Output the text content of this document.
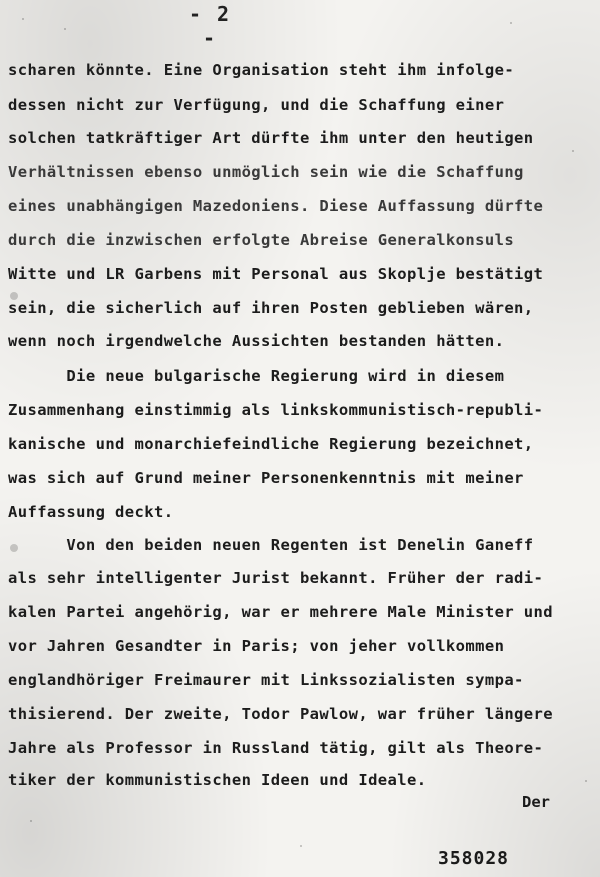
- 2 -
scharen könnte. Eine Organisation steht ihm infolge-
dessen nicht zur Verfügung, und die Schaffung einer
solchen tatkräftiger Art dürfte ihm unter den heutigen
Verhältnissen ebenso unmöglich sein wie die Schaffung
eines unabhängigen Mazedoniens. Diese Auffassung dürfte
durch die inzwischen erfolgte Abreise Generalkonsuls
Witte und LR Garbens mit Personal aus Skoplje bestätigt
sein, die sicherlich auf ihren Posten geblieben wären,
wenn noch irgendwelche Aussichten bestanden hätten.
Die neue bulgarische Regierung wird in diesem
Zusammenhang einstimmig als linkskommunistisch-republi-
kanische und monarchiefeindliche Regierung bezeichnet,
was sich auf Grund meiner Personenkenntnis mit meiner
Auffassung deckt.
Von den beiden neuen Regenten ist Denelin Ganeff
als sehr intelligenter Jurist bekannt. Früher der radi-
kalen Partei angehörig, war er mehrere Male Minister und
vor Jahren Gesandter in Paris; von jeher vollkommen
englandhöriger Freimaurer mit Linkssozialisten sympa-
thisierend. Der zweite, Todor Pawlow, war früher längere
Jahre als Professor in Russland tätig, gilt als Theore-
tiker der kommunistischen Ideen und Ideale.
Der
358028
